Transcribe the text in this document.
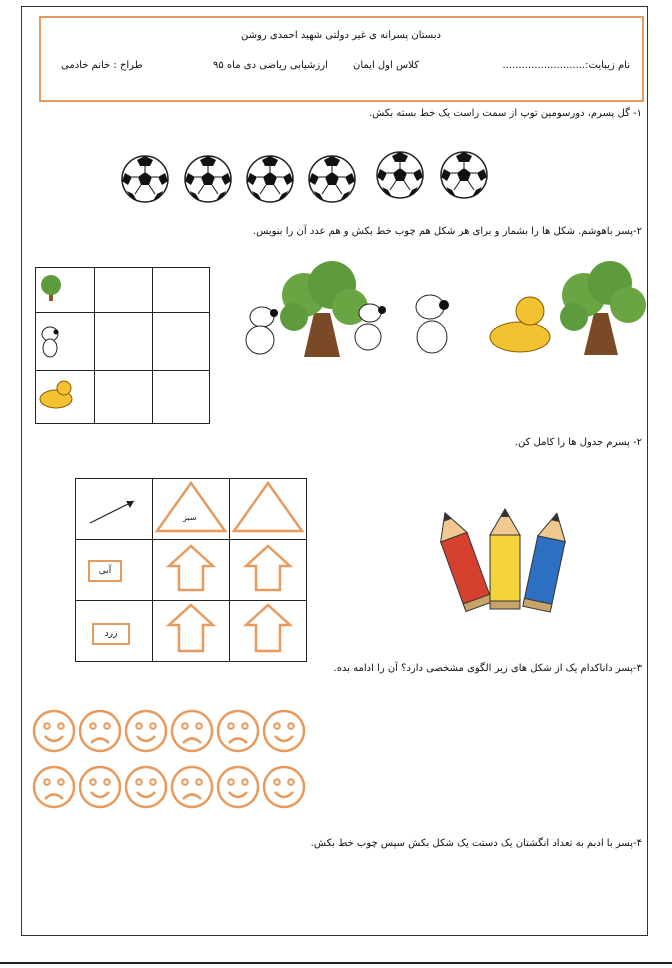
دبستان پسرانه ی غیر دولتی شهید احمدی روشن
نام زیبایت:..........................
کلاس اول ایمان
ارزشیابی ریاضی دی ماه ۹۵
طراح : خانم خادمی
۱- گل پسرم، دورسومین توپ از سمت راست یک خط بسته بکش.
۲-پسر باهوشم. شکل ها را بشمار و برای هر شکل هم چوب خط بکش و هم عدد آن را بنویس.

۲- پسرم جدول ها را کامل کن.

سبز

آبی

زرد

۳-پسر داناکدام یک از شکل های زیر الگوی مشخصی دارد؟ آن را ادامه بده.
۴-پسر با ادبم به تعداد انگشتان یک دستت یک شکل بکش سپس چوب خط بکش.
